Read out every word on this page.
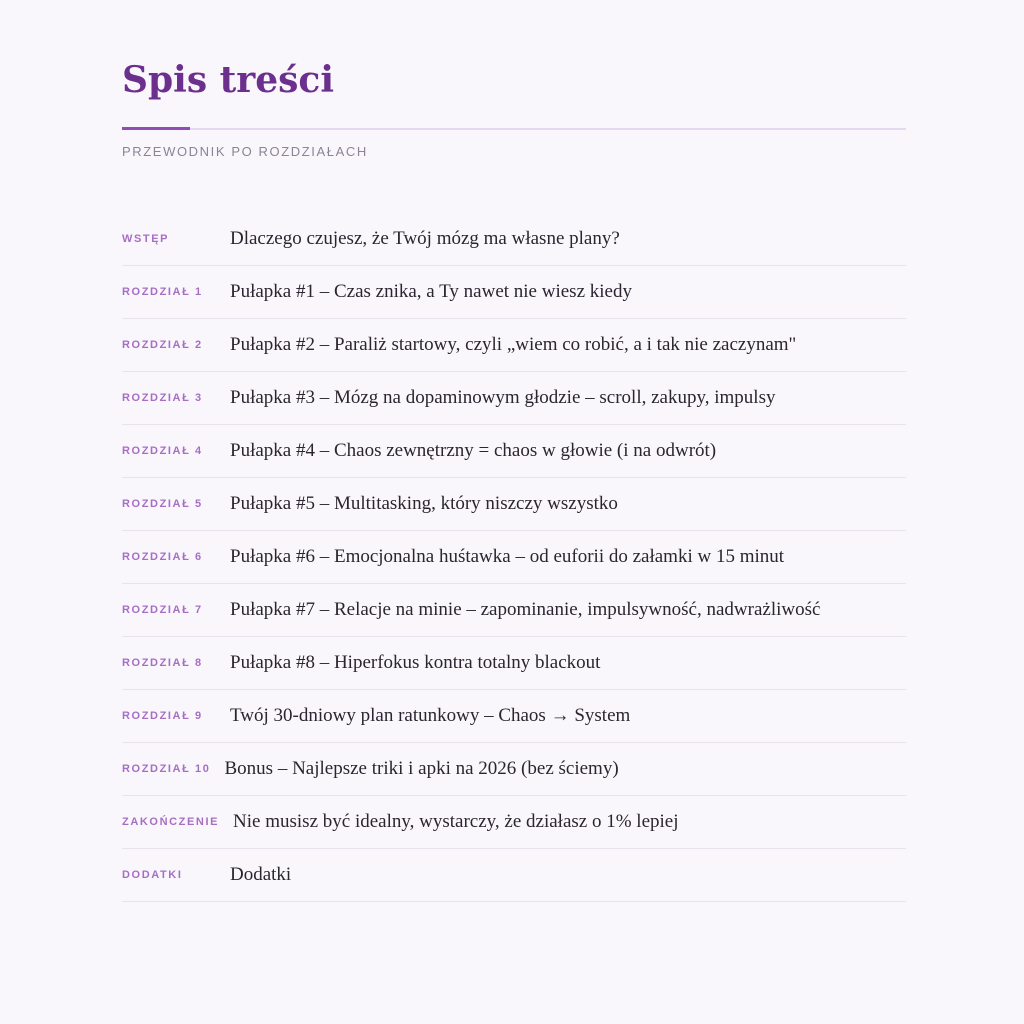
Spis treści
PRZEWODNIK PO ROZDZIAŁACH
WSTĘP	Dlaczego czujesz, że Twój mózg ma własne plany?
ROZDZIAŁ 1	Pułapka #1 – Czas znika, a Ty nawet nie wiesz kiedy
ROZDZIAŁ 2	Pułapka #2 – Paraliż startowy, czyli „wiem co robić, a i tak nie zaczynam"
ROZDZIAŁ 3	Pułapka #3 – Mózg na dopaminowym głodzie – scroll, zakupy, impulsy
ROZDZIAŁ 4	Pułapka #4 – Chaos zewnętrzny = chaos w głowie (i na odwrót)
ROZDZIAŁ 5	Pułapka #5 – Multitasking, który niszczy wszystko
ROZDZIAŁ 6	Pułapka #6 – Emocjonalna huśtawka – od euforii do załamki w 15 minut
ROZDZIAŁ 7	Pułapka #7 – Relacje na minie – zapominanie, impulsywność, nadwrażliwość
ROZDZIAŁ 8	Pułapka #8 – Hiperfokus kontra totalny blackout
ROZDZIAŁ 9	Twój 30-dniowy plan ratunkowy – Chaos → System
ROZDZIAŁ 10 Bonus – Najlepsze triki i apki na 2026 (bez ściemy)
ZAKOŃCZENIE Nie musisz być idealny, wystarczy, że działasz o 1% lepiej
DODATKI	Dodatki
